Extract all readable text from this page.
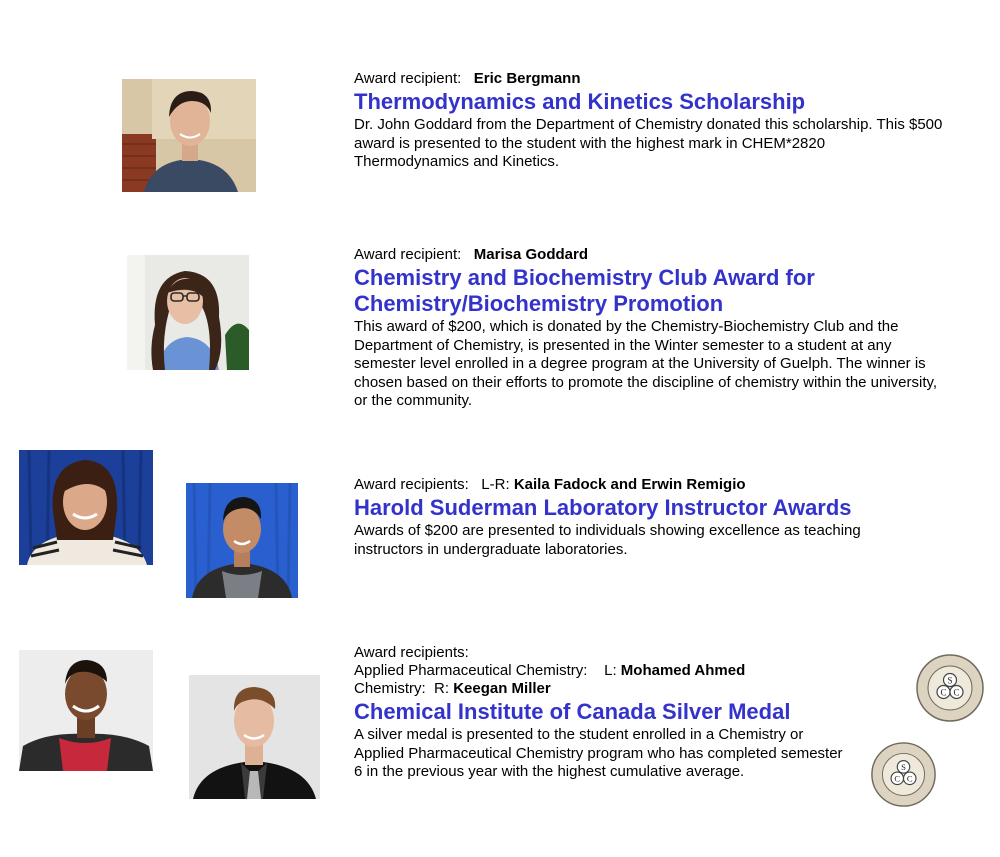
Award recipient: Eric Bergmann
Thermodynamics and Kinetics Scholarship

Dr. John Goddard from the Department of Chemistry donated this scholarship. This $500 award is presented to the student with the highest mark in CHEM*2820 Thermodynamics and Kinetics.

Award recipient: Marisa Goddard
Chemistry and Biochemistry Club Award for
Chemistry/Biochemistry Promotion

This award of $200, which is donated by the Chemistry-Biochemistry Club and the Department of Chemistry, is presented in the Winter semester to a student at any semester level enrolled in a degree program at the University of Guelph. The winner is chosen based on their efforts to promote the discipline of chemistry within the university, or the community.

Award recipients: L-R: Kaila Fadock and Erwin Remigio
Harold Suderman Laboratory Instructor Awards

Awards of $200 are presented to individuals showing excellence as teaching instructors in undergraduate laboratories.

Award recipients:
Applied Pharmaceutical Chemistry: L: Mohamed Ahmed
Chemistry: R: Keegan Miller
Chemical Institute of Canada Silver Medal

A silver medal is presented to the student enrolled in a Chemistry or Applied Pharmaceutical Chemistry program who has completed semester 6 in the previous year with the highest cumulative average.

S
C C
S
C C
